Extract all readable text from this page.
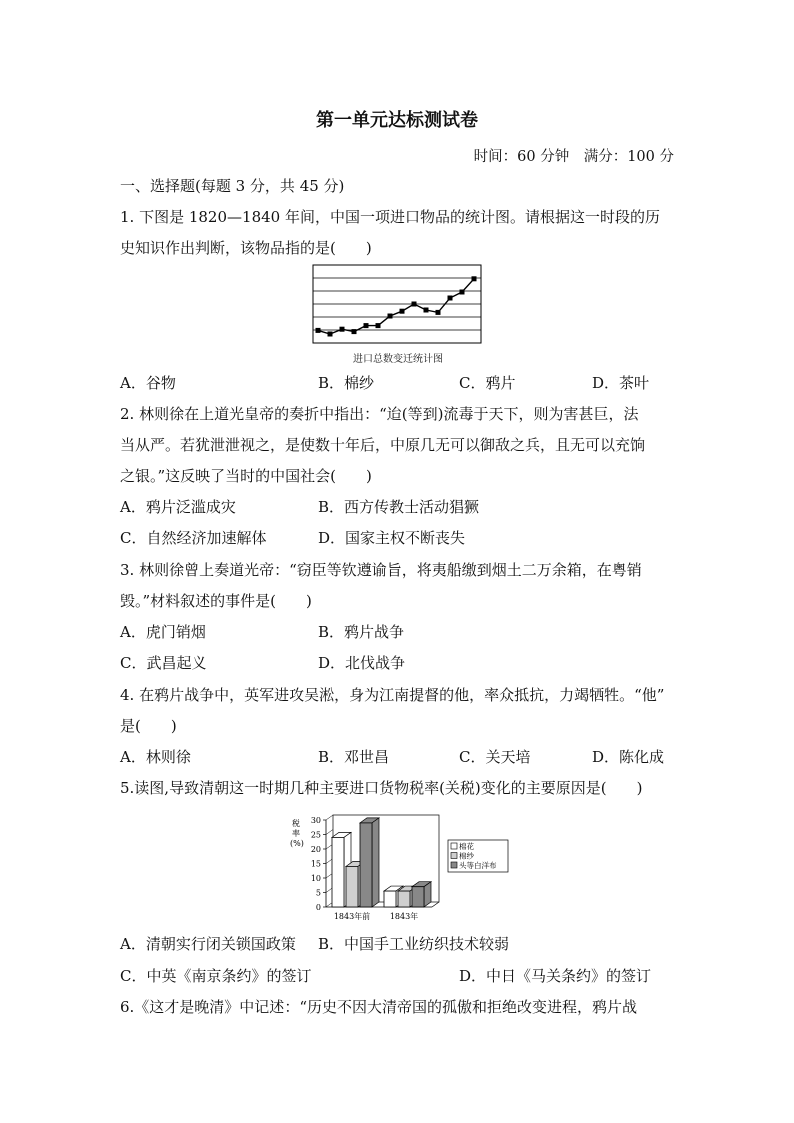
第一单元达标测试卷
时间：60 分钟　满分：100 分
一、选择题(每题 3 分，共 45 分)
1. 下图是 1820—1840 年间，中国一项进口物品的统计图。请根据这一时段的历
史知识作出判断，该物品指的是(　　)
进口总数变迁统计图
A．谷物	B．棉纱	C．鸦片	D．茶叶
2. 林则徐在上道光皇帝的奏折中指出：“迨(等到)流毒于天下，则为害甚巨，法
当从严。若犹泄泄视之，是使数十年后，中原几无可以御敌之兵，且无可以充饷
之银。”这反映了当时的中国社会(　　)
A．鸦片泛滥成灾	B．西方传教士活动猖獗
C．自然经济加速解体	D．国家主权不断丧失
3. 林则徐曾上奏道光帝：“窃臣等钦遵谕旨，将夷船缴到烟土二万余箱，在粤销
毁。”材料叙述的事件是(　　)
A．虎门销烟	B．鸦片战争
C．武昌起义	D．北伐战争
4. 在鸦片战争中，英军进攻吴淞，身为江南提督的他，率众抵抗，力竭牺牲。“他”
是(　　)
A．林则徐	B．邓世昌	C．关天培	D．陈化成
5.读图,导致清朝这一时期几种主要进口货物税率(关税)变化的主要原因是(　　)
税
率
(%)
0
5
10
15
20
25
30
1843年前 1843年
棉花
棉纱
头等白洋布
A．清朝实行闭关锁国政策 B．中国手工业纺织技术较弱
C．中英《南京条约》的签订	D．中日《马关条约》的签订
6.《这才是晚清》中记述：“历史不因大清帝国的孤傲和拒绝改变进程，鸦片战
